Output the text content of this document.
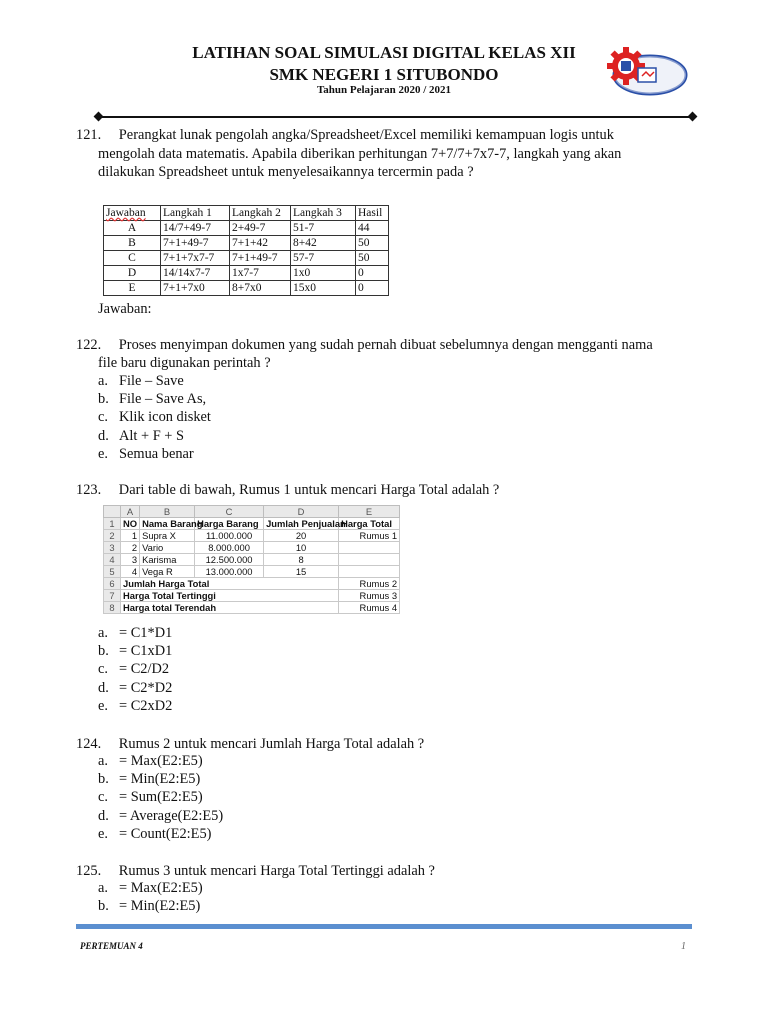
LATIHAN SOAL SIMULASI DIGITAL KELAS XII
SMK NEGERI 1 SITUBONDO
Tahun Pelajaran 2020 / 2021
121. Perangkat lunak pengolah angka/Spreadsheet/Excel memiliki kemampuan logis untuk
mengolah data matematis. Apabila diberikan perhitungan 7+7/7+7x7-7, langkah yang akan
dilakukan Spreadsheet untuk menyelesaikannya tercermin pada ?
Jawaban	Langkah 1	Langkah 2	Langkah 3	Hasil
A	14/7+49-7	2+49-7	51-7	44
B	7+1+49-7	7+1+42	8+42	50
C	7+1+7x7-7	7+1+49-7	57-7	50
D	14/14x7-7	1x7-7	1x0	0
E	7+1+7x0	8+7x0	15x0	0
Jawaban:
122. Proses menyimpan dokumen yang sudah pernah dibuat sebelumnya dengan mengganti nama
file baru digunakan perintah ?
a. File – Save
b. File – Save As,
c. Klik icon disket
d. Alt + F + S
e. Semua benar
123. Dari table di bawah, Rumus 1 untuk mencari Harga Total adalah ?
	A	B	C	D	E
1	NO	Nama Barang	Harga Barang	Jumlah Penjualan	Harga Total
2	1	Supra X	11.000.000	20	Rumus 1
3	2	Vario	8.000.000	10	
4	3	Karisma	12.500.000	8	
5	4	Vega R	13.000.000	15	
6	Jumlah Harga Total				Rumus 2
7	Harga Total Tertinggi				Rumus 3
8	Harga total Terendah				Rumus 4
a. = C1*D1
b. = C1xD1
c. = C2/D2
d. = C2*D2
e. = C2xD2
124. Rumus 2 untuk mencari Jumlah Harga Total adalah ?
a. = Max(E2:E5)
b. = Min(E2:E5)
c. = Sum(E2:E5)
d. = Average(E2:E5)
e. = Count(E2:E5)
125. Rumus 3 untuk mencari Harga Total Tertinggi adalah ?
a. = Max(E2:E5)
b. = Min(E2:E5)
PERTEMUAN 4	1
